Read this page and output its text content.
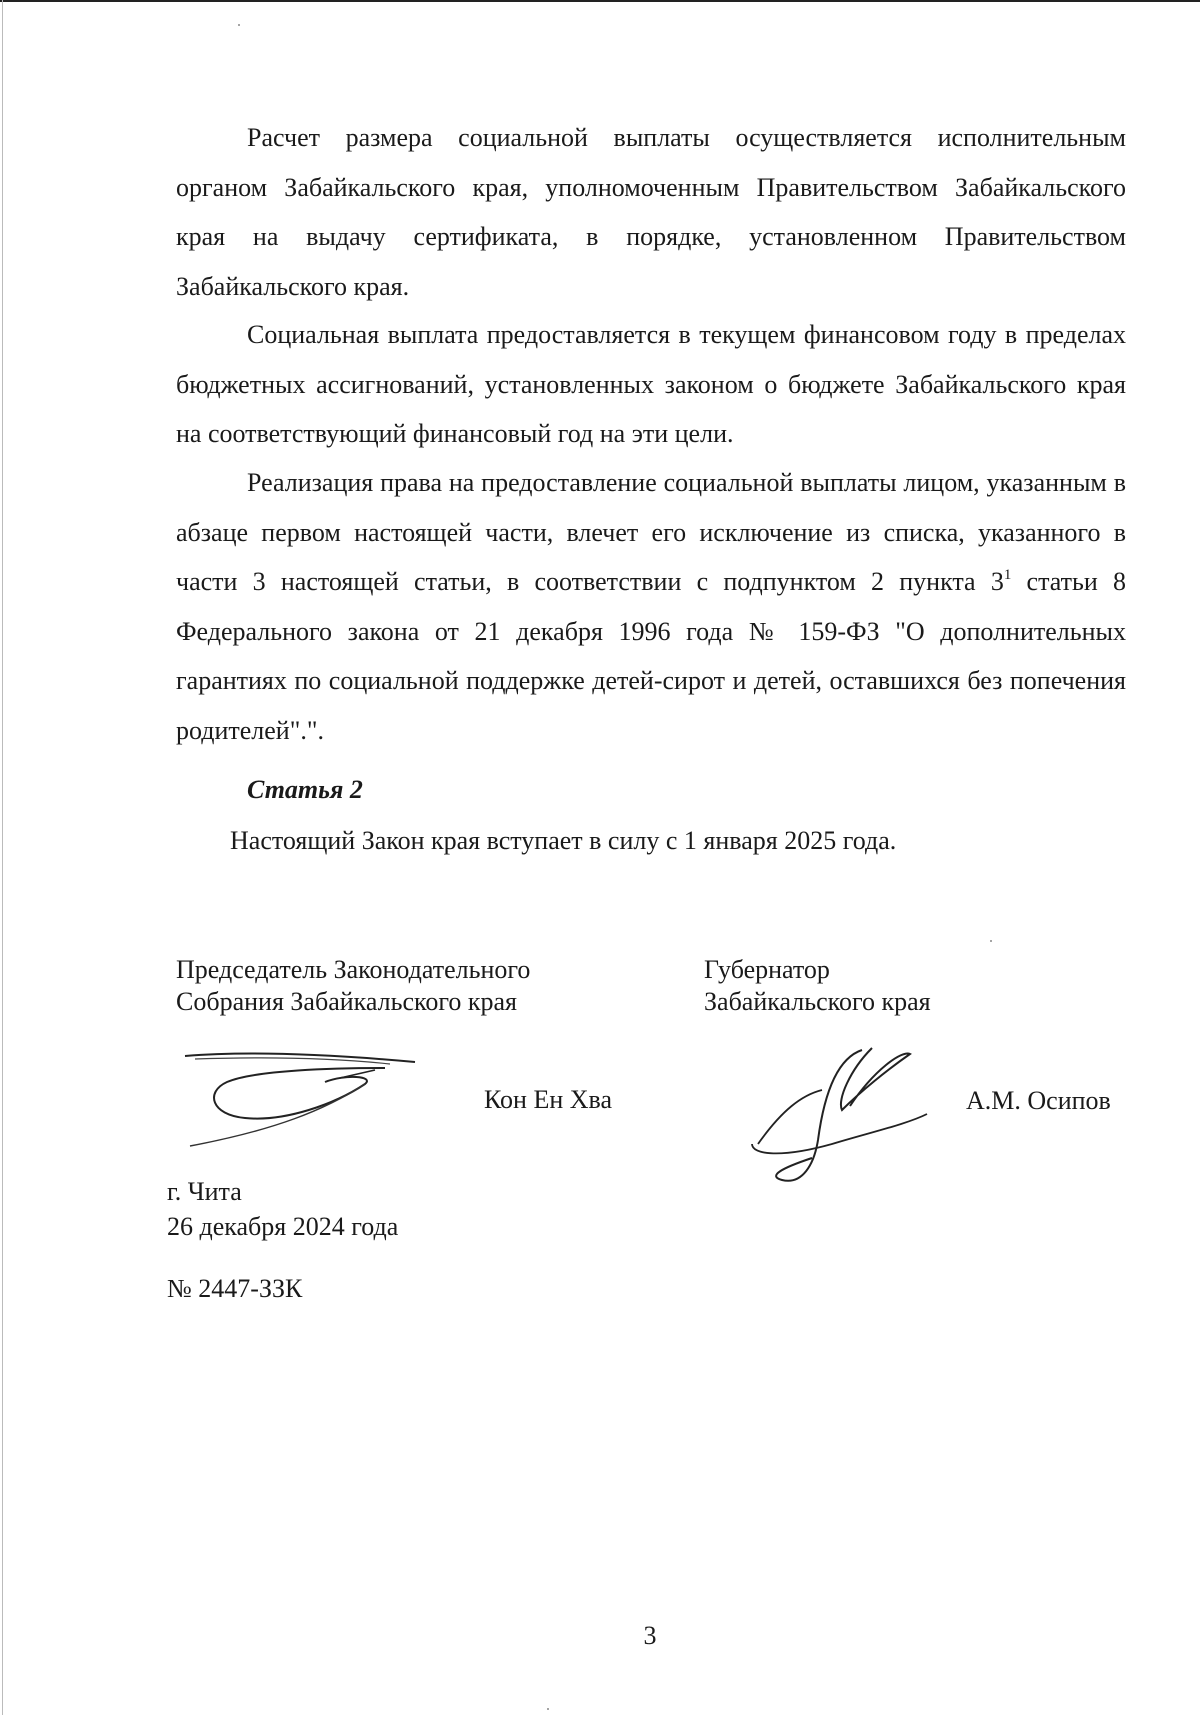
Расчет размера социальной выплаты осуществляется исполнительным органом Забайкальского края, уполномоченным Правительством Забайкальского края на выдачу сертификата, в порядке, установленном Правительством Забайкальского края.

Социальная выплата предоставляется в текущем финансовом году в пределах бюджетных ассигнований, установленных законом о бюджете Забайкальского края на соответствующий финансовый год на эти цели.

Реализация права на предоставление социальной выплаты лицом, указанным в абзаце первом настоящей части, влечет его исключение из списка, указанного в части 3 настоящей статьи, в соответствии с подпунктом 2 пункта $3^1$ статьи 8 Федерального закона от 21 декабря 1996 года № 159-ФЗ "О дополнительных гарантиях по социальной поддержке детей-сирот и детей, оставшихся без попечения родителей".".

Статья 2

Настоящий Закон края вступает в силу с 1 января 2025 года.

Председатель Законодательного
Собрания Забайкальского края
Губернатор
Забайкальского края
Кон Ен Хва	А.М. Осипов

г. Чита

26 декабря 2024 года

№ 2447-ЗЗК

3
